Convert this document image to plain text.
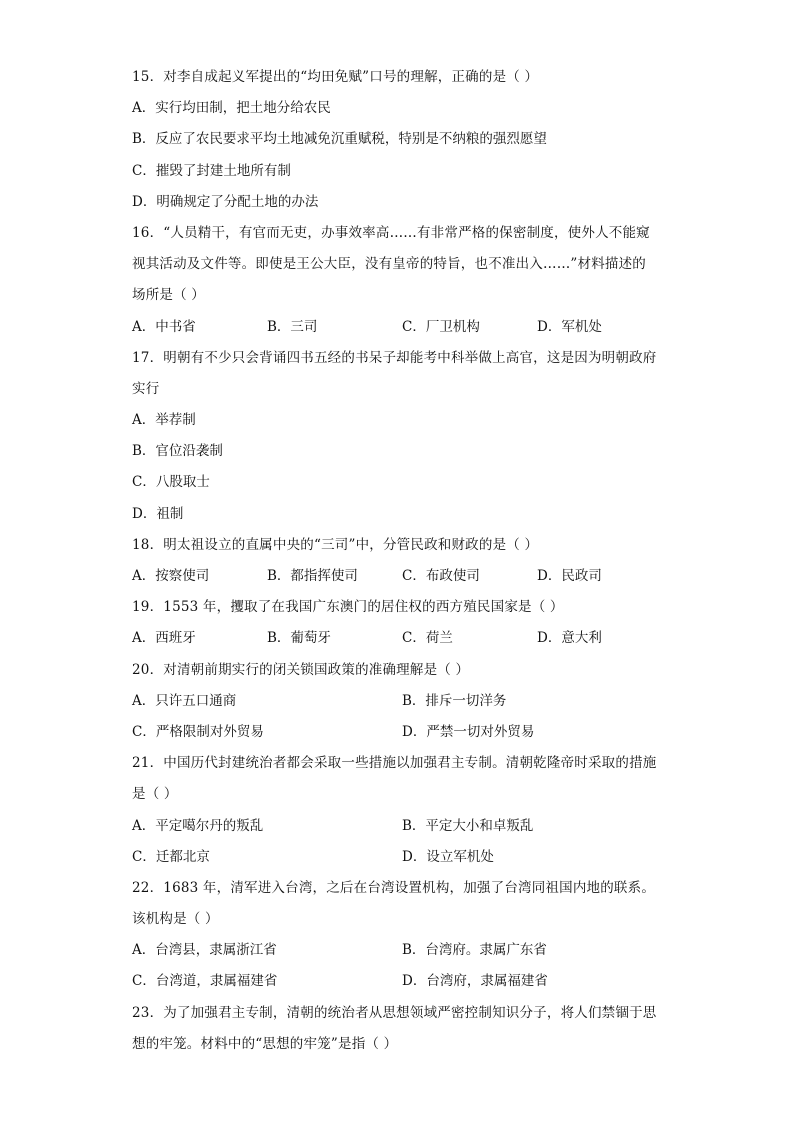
15．对李自成起义军提出的“均田免赋”口号的理解，正确的是（ ）
A．实行均田制，把土地分给农民
B．反应了农民要求平均土地减免沉重赋税，特别是不纳粮的强烈愿望
C．摧毁了封建土地所有制
D．明确规定了分配土地的办法
16．“人员精干，有官而无吏，办事效率高……有非常严格的保密制度，使外人不能窥
视其活动及文件等。即使是王公大臣，没有皇帝的特旨，也不准出入……”材料描述的
场所是（ ）
A．中书省	B．三司	C．厂卫机构	D．军机处
17．明朝有不少只会背诵四书五经的书呆子却能考中科举做上高官，这是因为明朝政府
实行
A．举荐制
B．官位沿袭制
C．八股取士
D．祖制
18．明太祖设立的直属中央的“三司”中，分管民政和财政的是（ ）
A．按察使司	B．都指挥使司	C．布政使司	D．民政司
19．1553 年，攫取了在我国广东澳门的居住权的西方殖民国家是（ ）
A．西班牙	B．葡萄牙	C．荷兰	D．意大利
20．对清朝前期实行的闭关锁国政策的准确理解是（ ）
A．只许五口通商	B．排斥一切洋务
C．严格限制对外贸易	D．严禁一切对外贸易
21．中国历代封建统治者都会采取一些措施以加强君主专制。清朝乾隆帝时采取的措施
是（ ）
A．平定噶尔丹的叛乱	B．平定大小和卓叛乱
C．迁都北京	D．设立军机处
22．1683 年，清军进入台湾，之后在台湾设置机构，加强了台湾同祖国内地的联系。
该机构是（ ）
A．台湾县，隶属浙江省	B．台湾府。隶属广东省
C．台湾道，隶属福建省	D．台湾府，隶属福建省
23．为了加强君主专制，清朝的统治者从思想领域严密控制知识分子，将人们禁锢于思
想的牢笼。材料中的“思想的牢笼”是指（ ）
